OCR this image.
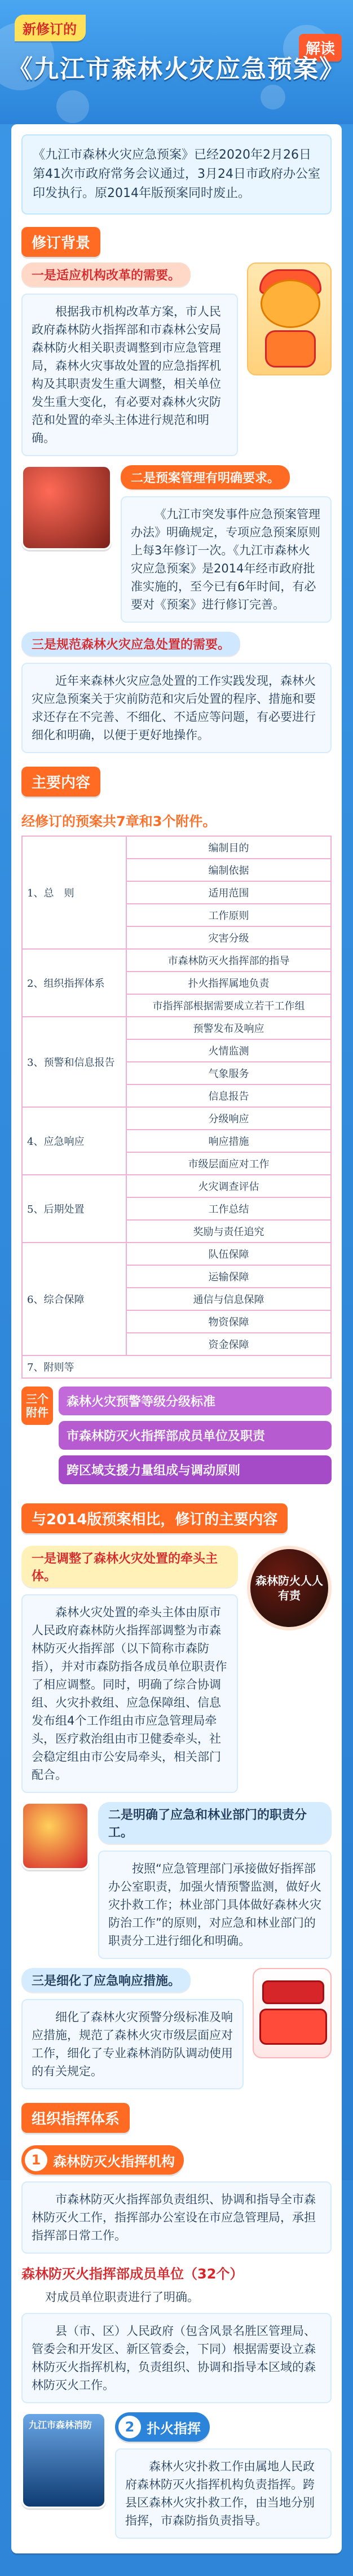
新修订的
解读
《九江市森林火灾应急预案》
《九江市森林火灾应急预案》已经2020年2月26日第41次市政府常务会议通过，3月24日市政府办公室印发执行。原2014年版预案同时废止。
修订背景
一是适应机构改革的需要。
根据我市机构改革方案，市人民政府森林防火指挥部和市森林公安局森林防火相关职责调整到市应急管理局，森林火灾事故处置的应急指挥机构及其职责发生重大调整，相关单位发生重大变化，有必要对森林火灾防范和处置的牵头主体进行规范和明确。
二是预案管理有明确要求。
《九江市突发事件应急预案管理办法》明确规定，专项应急预案原则上每3年修订一次。《九江市森林火灾应急预案》是2014年经市政府批准实施的，至今已有6年时间，有必要对《预案》进行修订完善。
三是规范森林火灾应急处置的需要。
近年来森林火灾应急处置的工作实践发现，森林火灾应急预案关于灾前防范和灾后处置的程序、措施和要求还存在不完善、不细化、不适应等问题，有必要进行细化和明确，以便于更好地操作。
主要内容
经修订的预案共7章和3个附件。
1、总　则	编制目的
	编制依据
	适用范围
	工作原则
	灾害分级
2、组织指挥体系	市森林防灭火指挥部的指导
	扑火指挥属地负责
	市指挥部根据需要成立若干工作组
3、预警和信息报告	预警发布及响应
	火情监测
	气象服务
	信息报告
4、应急响应	分级响应
	响应措施
	市级层面应对工作
5、后期处置	火灾调查评估
	工作总结
	奖励与责任追究
6、综合保障	队伍保障
	运输保障
	通信与信息保障
	物资保障
	资金保障
7、附则等	
三个附件
森林火灾预警等级分级标准
市森林防灭火指挥部成员单位及职责
跨区域支援力量组成与调动原则
与2014版预案相比，修订的主要内容
一是调整了森林火灾处置的牵头主体。
森林火灾处置的牵头主体由原市人民政府森林防火指挥部调整为市森林防灭火指挥部（以下简称市森防指），并对市森防指各成员单位职责作了相应调整。同时，明确了综合协调组、火灾扑救组、应急保障组、信息发布组4个工作组由市应急管理局牵头，医疗救治组由市卫健委牵头，社会稳定组由市公安局牵头，相关部门配合。
森林防火人人有责
二是明确了应急和林业部门的职责分工。
按照“应急管理部门承接做好指挥部办公室职责，加强火情预警监测，做好火灾扑救工作；林业部门具体做好森林火灾防治工作”的原则，对应急和林业部门的职责分工进行细化和明确。
三是细化了应急响应措施。
细化了森林火灾预警分级标准及响应措施，规范了森林火灾市级层面应对工作，细化了专业森林消防队调动使用的有关规定。
组织指挥体系
1 森林防灭火指挥机构
市森林防灭火指挥部负责组织、协调和指导全市森林防灭火工作，指挥部办公室设在市应急管理局，承担指挥部日常工作。
森林防灭火指挥部成员单位（32个）
对成员单位职责进行了明确。
县（市、区）人民政府（包含风景名胜区管理局、管委会和开发区、新区管委会，下同）根据需要设立森林防灭火指挥机构，负责组织、协调和指导本区域的森林防灭火工作。
九江市森林消防	2 扑火指挥
森林火灾扑救工作由属地人民政府森林防灭火指挥机构负责指挥。跨县区森林火灾扑救工作，由当地分别指挥，市森防指负责指导。
